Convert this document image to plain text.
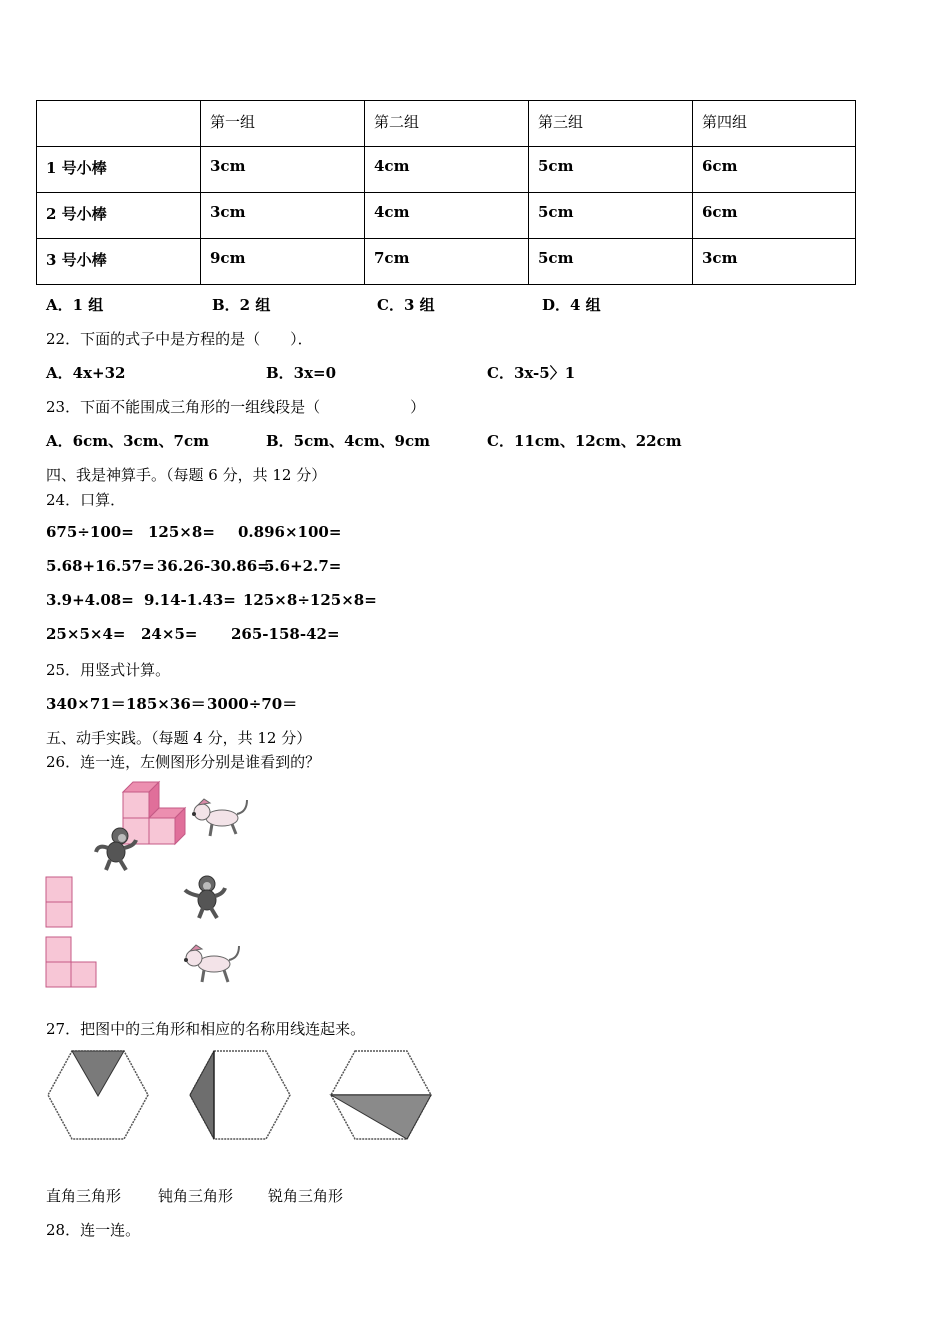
	第一组	第二组	第三组	第四组
1 号小棒	3cm	4cm	5cm	6cm
2 号小棒	3cm	4cm	5cm	6cm
3 号小棒	9cm	7cm	5cm	3cm
A．1 组	B．2 组	C．3 组	D．4 组
22．下面的式子中是方程的是（　　）．
A．4x+32	B．3x=0	C．3x-5〉1
23．下面不能围成三角形的一组线段是（　　　　　　）
A．6cm、3cm、7cm	B．5cm、4cm、9cm	C．11cm、12cm、22cm
四、我是神算手。（每题 6 分，共 12 分）
24．口算．
675÷100= 125×8= 0.896×100=
5.68+16.57= 36.26-30.86=
5.6+2.7=
3.9+4.08= 9.14-1.43= 125×8÷125×8=
25×5×4= 24×5= 265-158-42=
25．用竖式计算。
340×71＝ 185×36＝ 3000÷70＝
五、动手实践。（每题 4 分，共 12 分）
26．连一连，左侧图形分别是谁看到的？
27．把图中的三角形和相应的名称用线连起来。
直角三角形 钝角三角形 锐角三角形
28．连一连。
